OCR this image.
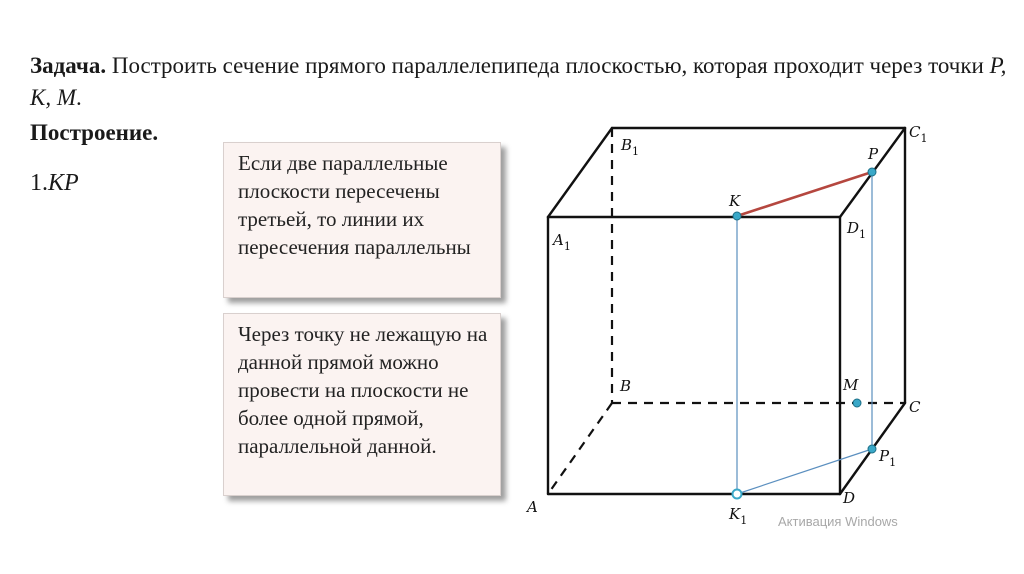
Задача. Построить сечение прямого параллелепипеда плоскостью, которая проходит через точки P, K, M.
Построение.
1.KP
Если две параллельные плоскости пересечены третьей, то линии их пересечения параллельны
Через точку не лежащую на данной прямой можно провести на плоскости не более одной прямой, параллельной данной.
$B_1$
$C_1$
$A_1$
$D_1$
B
C
A	D
K
P
M
$K_1$
$P_1$
Активация Windows
